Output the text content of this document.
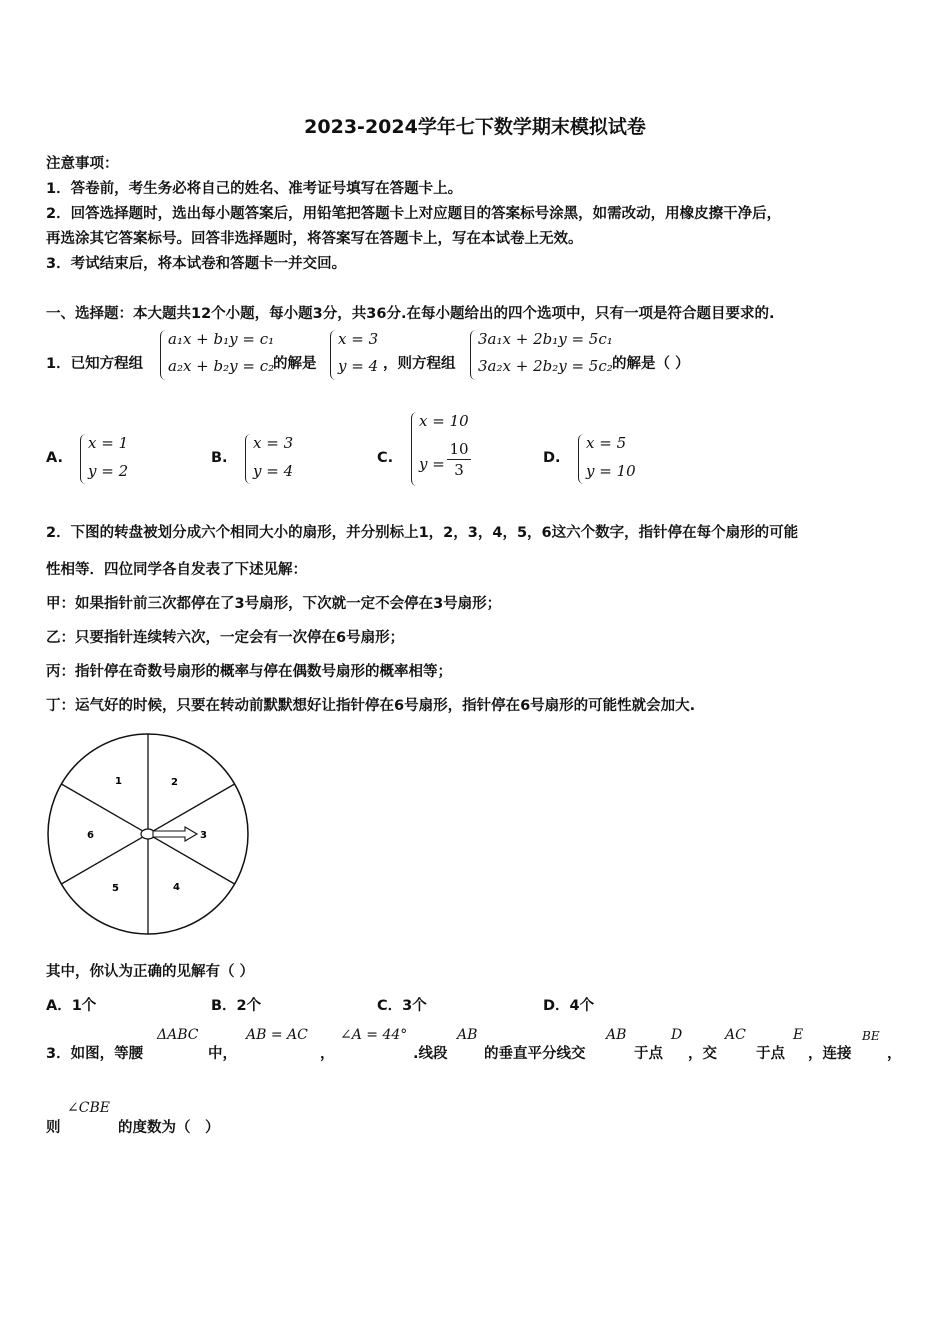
2023-2024学年七下数学期末模拟试卷
注意事项：
1．答卷前，考生务必将自己的姓名、准考证号填写在答题卡上。
2．回答选择题时，选出每小题答案后，用铅笔把答题卡上对应题目的答案标号涂黑，如需改动，用橡皮擦干净后，
再选涂其它答案标号。回答非选择题时，将答案写在答题卡上，写在本试卷上无效。
3．考试结束后，将本试卷和答题卡一并交回。
一、选择题：本大题共12个小题，每小题3分，共36分.在每小题给出的四个选项中，只有一项是符合题目要求的.
1．已知方程组
a₁x + b₁y = c₁
a₂x + b₂y = c₂
的解是
x = 3
y = 4 ，则方程组
3a₁x + 2b₁y = 5c₁
3a₂x + 2b₂y = 5c₂ 的解是（ ）
A.
x = 1
y = 2
B.
x = 3
y = 4
C.
x = 10
y =
10
3
D.
x = 5
y = 10
2．下图的转盘被划分成六个相同大小的扇形，并分别标上1，2，3，4，5，6这六个数字，指针停在每个扇形的可能
性相等．四位同学各自发表了下述见解：
甲：如果指针前三次都停在了3号扇形，下次就一定不会停在3号扇形；
乙：只要指针连续转六次，一定会有一次停在6号扇形；
丙：指针停在奇数号扇形的概率与停在偶数号扇形的概率相等；
丁：运气好的时候，只要在转动前默默想好让指针停在6号扇形，指针停在6号扇形的可能性就会加大.
1	2
3
4
5
6
其中，你认为正确的见解有（ ）
A．1个	B．2个	C．3个	D．4个
3．如图，等腰
ΔABC
中，
AB = AC
，
∠A = 44°
.线段
AB
的垂直平分线交
AB
于点
D
，交
AC
于点
E
，连接
BE
，
则
∠CBE
的度数为（　）
